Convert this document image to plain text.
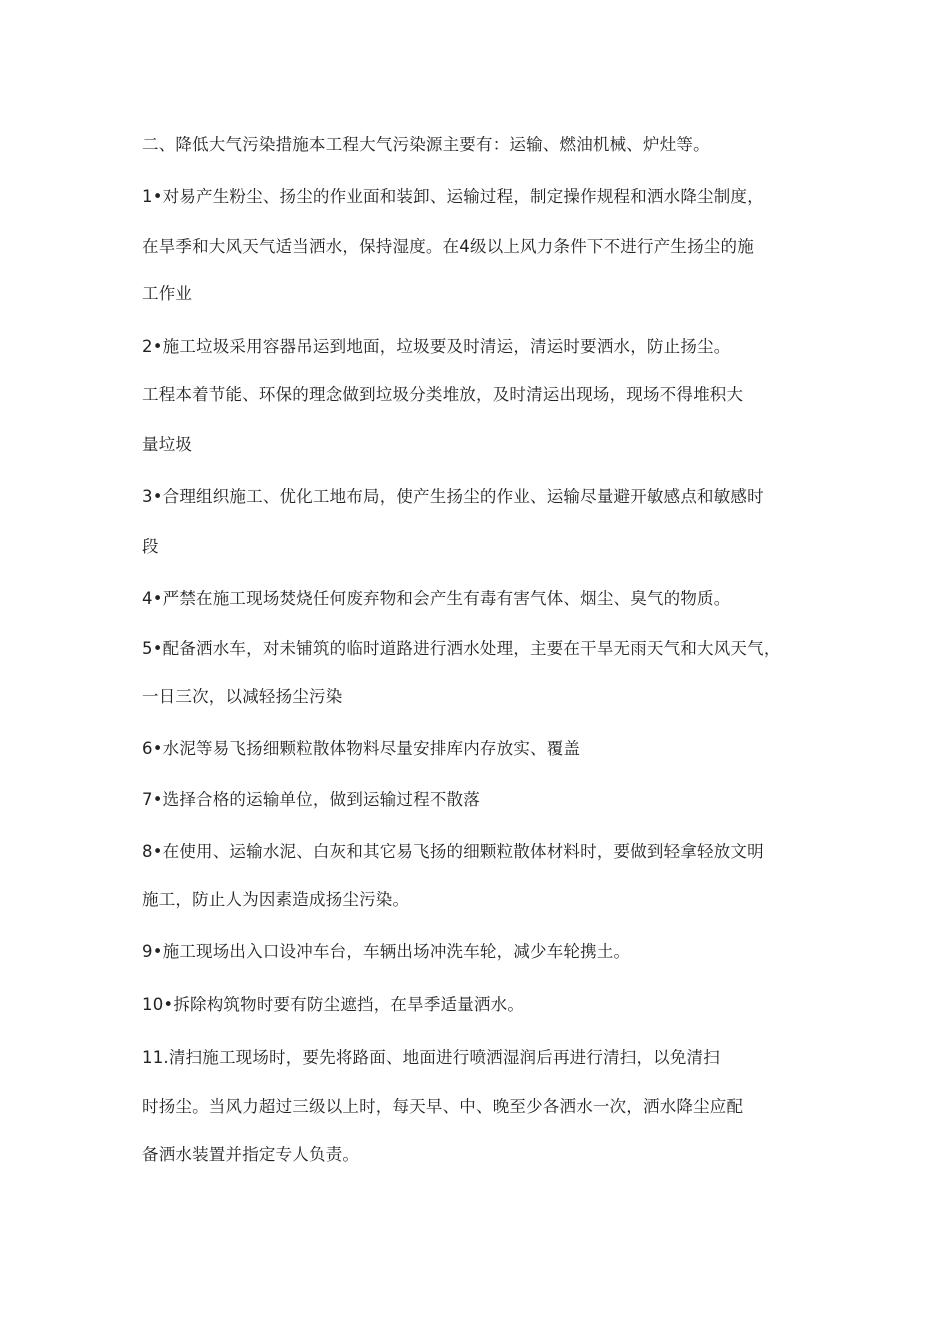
二、降低大气污染措施本工程大气污染源主要有：运输、燃油机械、炉灶等。
1•对易产生粉尘、扬尘的作业面和装卸、运输过程，制定操作规程和洒水降尘制度，
在旱季和大风天气适当洒水，保持湿度。在4级以上风力条件下不进行产生扬尘的施
工作业
2•施工垃圾采用容器吊运到地面，垃圾要及时清运，清运时要洒水，防止扬尘。
工程本着节能、环保的理念做到垃圾分类堆放，及时清运出现场，现场不得堆积大
量垃圾
3•合理组织施工、优化工地布局，使产生扬尘的作业、运输尽量避开敏感点和敏感时
段
4•严禁在施工现场焚烧任何废弃物和会产生有毒有害气体、烟尘、臭气的物质。
5•配备洒水车，对未铺筑的临时道路进行洒水处理，主要在干旱无雨天气和大风天气，
一日三次，以减轻扬尘污染
6•水泥等易飞扬细颗粒散体物料尽量安排库内存放实、覆盖
7•选择合格的运输单位，做到运输过程不散落
8•在使用、运输水泥、白灰和其它易飞扬的细颗粒散体材料时，要做到轻拿轻放文明
施工，防止人为因素造成扬尘污染。
9•施工现场出入口设冲车台，车辆出场冲洗车轮，减少车轮携土。
10•拆除构筑物时要有防尘遮挡，在旱季适量洒水。
11.清扫施工现场时，要先将路面、地面进行喷洒湿润后再进行清扫，以免清扫
时扬尘。当风力超过三级以上时，每天早、中、晚至少各洒水一次，洒水降尘应配
备洒水装置并指定专人负责。
